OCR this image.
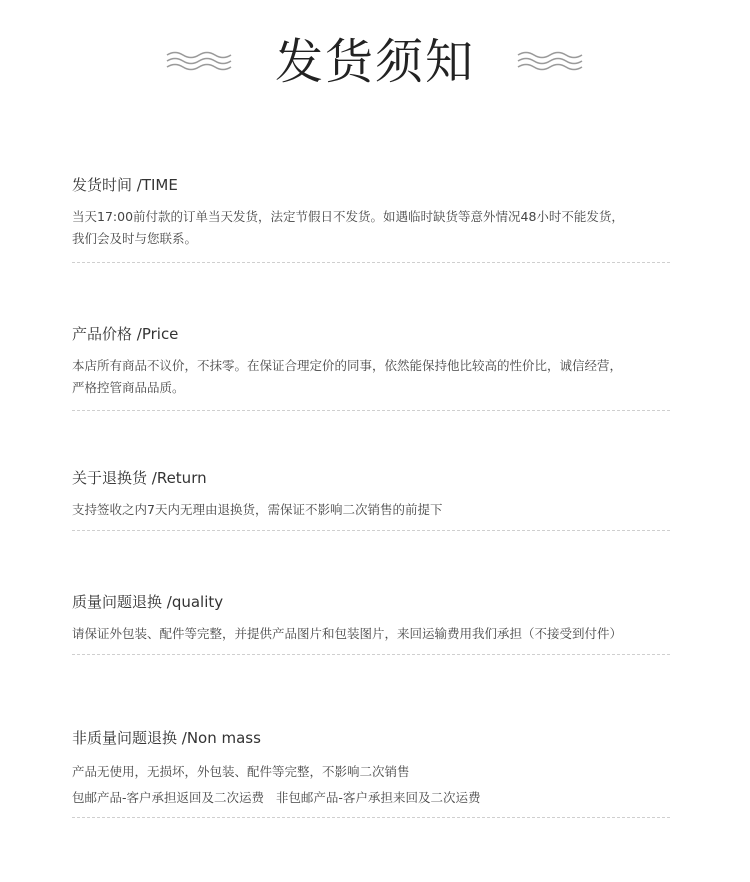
发货须知
发货时间 /TIME
当天17:00前付款的订单当天发货，法定节假日不发货。如遇临时缺货等意外情况48小时不能发货，
我们会及时与您联系。
产品价格 /Price
本店所有商品不议价，不抹零。在保证合理定价的同事，依然能保持他比较高的性价比，诚信经营，
严格控管商品品质。
关于退换货 /Return
支持签收之内7天内无理由退换货，需保证不影响二次销售的前提下
质量问题退换 /quality
请保证外包装、配件等完整，并提供产品图片和包装图片，来回运输费用我们承担（不接受到付件）
非质量问题退换 /Non mass
产品无使用，无损坏，外包装、配件等完整，不影响二次销售
包邮产品-客户承担返回及二次运费   非包邮产品-客户承担来回及二次运费
